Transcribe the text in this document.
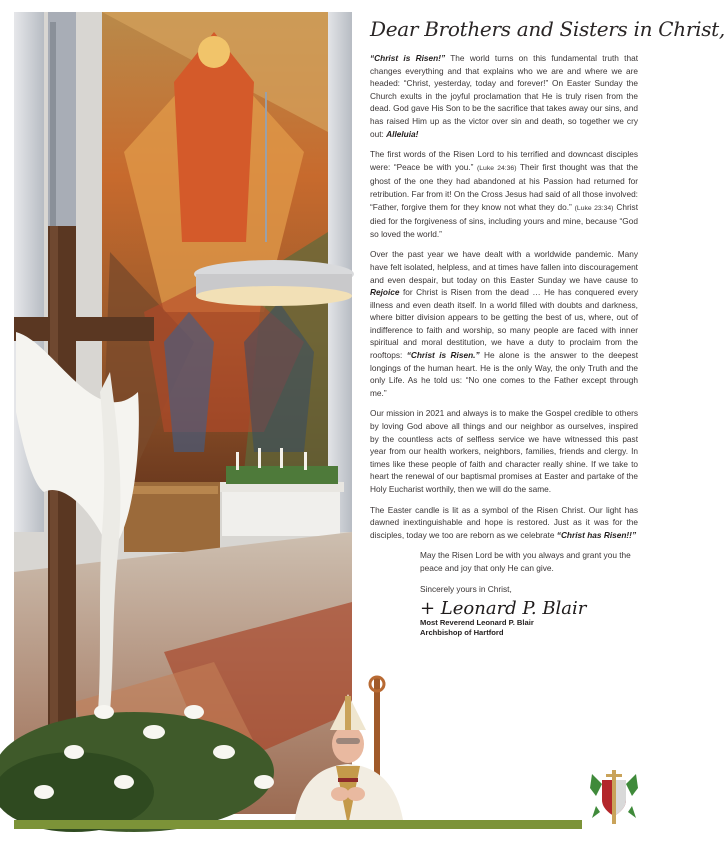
Dear Brothers and Sisters in Christ,

“Christ is Risen!” The world turns on this fundamental truth that changes everything and that explains who we are and where we are headed: “Christ, yesterday, today and forever!” On Easter Sunday the Church exults in the joyful proclamation that He is truly risen from the dead. God gave His Son to be the sacrifice that takes away our sins, and has raised Him up as the victor over sin and death, so together we cry out: Alleluia!

The first words of the Risen Lord to his terrified and downcast disciples were: “Peace be with you.” (Luke 24:36) Their first thought was that the ghost of the one they had abandoned at his Passion had returned for retribution. Far from it! On the Cross Jesus had said of all those involved: “Father, forgive them for they know not what they do.” (Luke 23:34) Christ died for the forgiveness of sins, including yours and mine, because “God so loved the world.”

Over the past year we have dealt with a worldwide pandemic. Many have felt isolated, helpless, and at times have fallen into discouragement and even despair, but today on this Easter Sunday we have cause to Rejoice for Christ is Risen from the dead … He has conquered every illness and even death itself. In a world filled with doubts and darkness, where bitter division appears to be getting the best of us, where, out of indifference to faith and worship, so many people are faced with inner spiritual and moral destitution, we have a duty to proclaim from the rooftops: “Christ is Risen.” He alone is the answer to the deepest longings of the human heart. He is the only Way, the only Truth and the only Life. As he told us: “No one comes to the Father except through me.”

Our mission in 2021 and always is to make the Gospel credible to others by loving God above all things and our neighbor as ourselves, inspired by the countless acts of selfless service we have witnessed this past year from our health workers, neighbors, families, friends and clergy. In times like these people of faith and character really shine. If we take to heart the renewal of our baptismal promises at Easter and partake of the Holy Eucharist worthily, then we will do the same.

The Easter candle is lit as a symbol of the Risen Christ. Our light has dawned inextinguishable and hope is restored. Just as it was for the disciples, today we too are reborn as we celebrate “Christ has Risen!!”

May the Risen Lord be with you always and grant you the peace and joy that only He can give.

Sincerely yours in Christ,

+ Leonard P. Blair
Most Reverend Leonard P. Blair
Archbishop of Hartford
